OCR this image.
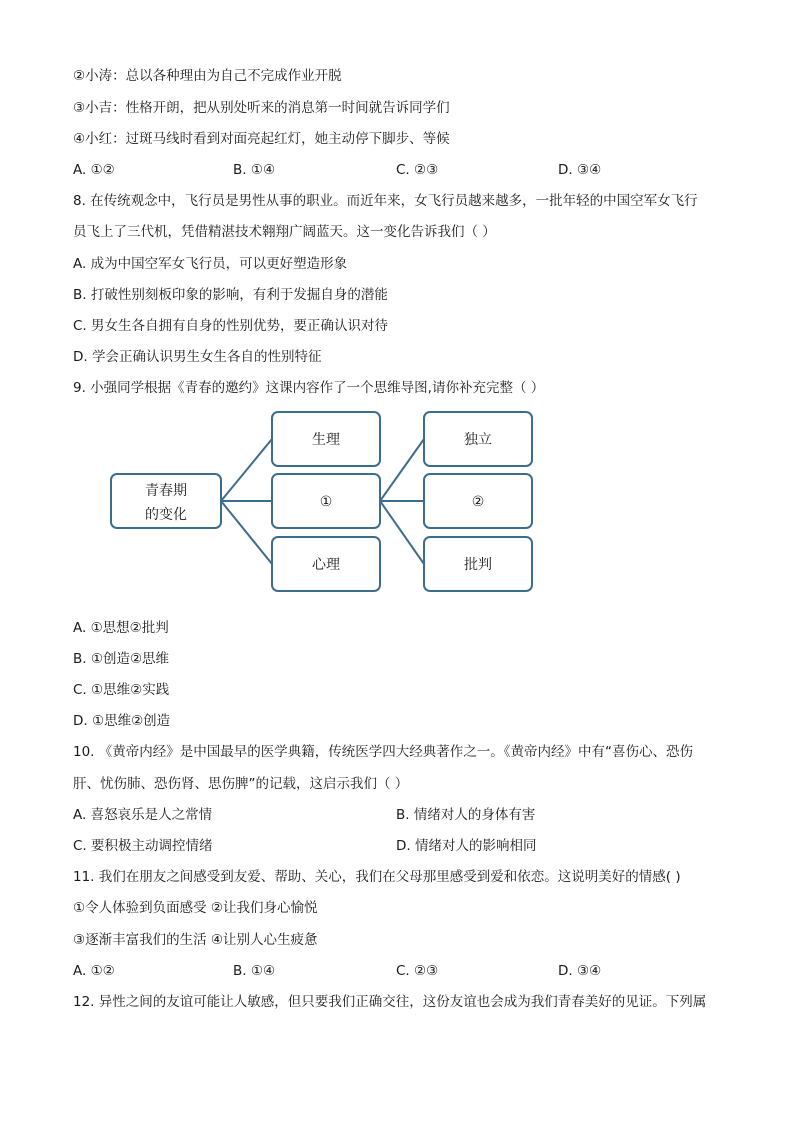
②小涛：总以各种理由为自己不完成作业开脱
③小吉：性格开朗，把从别处听来的消息第一时间就告诉同学们
④小红：过斑马线时看到对面亮起红灯，她主动停下脚步、等候
A. ①②	B. ①④	C. ②③	D. ③④
8. 在传统观念中，飞行员是男性从事的职业。而近年来，女飞行员越来越多，一批年轻的中国空军女飞行
员飞上了三代机，凭借精湛技术翱翔广阔蓝天。这一变化告诉我们（ ）
A. 成为中国空军女飞行员，可以更好塑造形象
B. 打破性别刻板印象的影响，有利于发掘自身的潜能
C. 男女生各自拥有自身的性别优势，要正确认识对待
D. 学会正确认识男生女生各自的性别特征
9. 小强同学根据《青春的邀约》这课内容作了一个思维导图,请你补充完整（ ）
青春期
的变化
生理
①
心理
独立
②
批判
A. ①思想②批判
B. ①创造②思维
C. ①思维②实践
D. ①思维②创造
10. 《黄帝内经》是中国最早的医学典籍，传统医学四大经典著作之一。《黄帝内经》中有“喜伤心、恐伤
肝、忧伤肺、恐伤肾、思伤脾”的记载，这启示我们（ ）
A. 喜怒哀乐是人之常情	B. 情绪对人的身体有害
C. 要积极主动调控情绪	D. 情绪对人的影响相同
11. 我们在朋友之间感受到友爱、帮助、关心，我们在父母那里感受到爱和依恋。这说明美好的情感( )
①令人体验到负面感受 ②让我们身心愉悦
③逐渐丰富我们的生活 ④让别人心生疲惫
A. ①②	B. ①④	C. ②③	D. ③④
12. 异性之间的友谊可能让人敏感，但只要我们正确交往，这份友谊也会成为我们青春美好的见证。下列属
